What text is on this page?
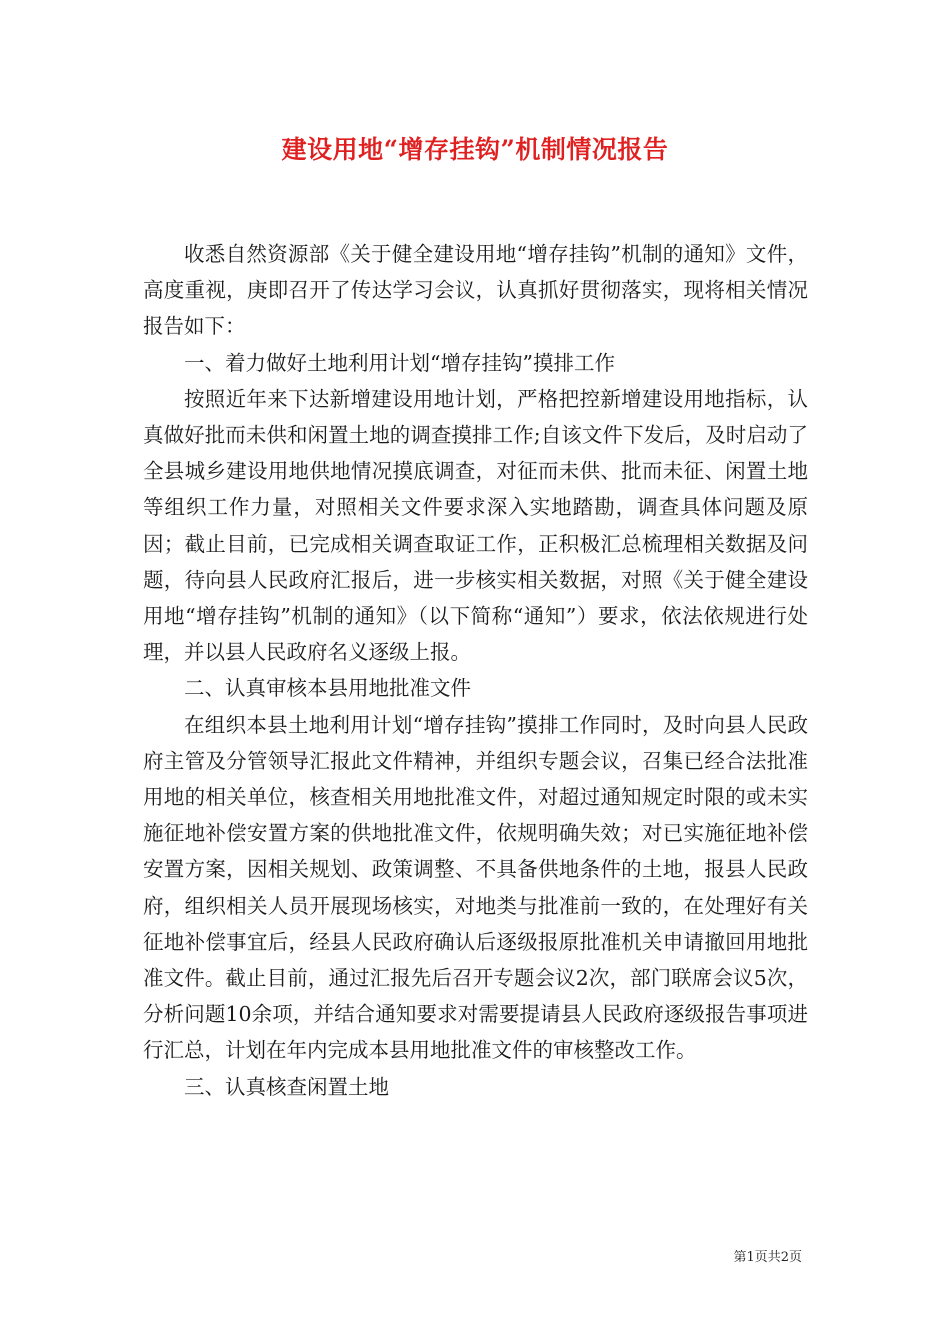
建设用地“增存挂钩”机制情况报告

收悉自然资源部《关于健全建设用地“增存挂钩”机制的通知》文件，高度重视，庚即召开了传达学习会议，认真抓好贯彻落实，现将相关情况报告如下：

一、着力做好土地利用计划“增存挂钩”摸排工作

按照近年来下达新增建设用地计划，严格把控新增建设用地指标，认真做好批而未供和闲置土地的调查摸排工作;自该文件下发后，及时启动了全县城乡建设用地供地情况摸底调查，对征而未供、批而未征、闲置土地等组织工作力量，对照相关文件要求深入实地踏勘，调查具体问题及原因；截止目前，已完成相关调查取证工作，正积极汇总梳理相关数据及问题，待向县人民政府汇报后，进一步核实相关数据，对照《关于健全建设用地“增存挂钩”机制的通知》（以下简称“通知”）要求，依法依规进行处理，并以县人民政府名义逐级上报。

二、认真审核本县用地批准文件

在组织本县土地利用计划“增存挂钩”摸排工作同时，及时向县人民政府主管及分管领导汇报此文件精神，并组织专题会议，召集已经合法批准用地的相关单位，核查相关用地批准文件，对超过通知规定时限的或未实施征地补偿安置方案的供地批准文件，依规明确失效；对已实施征地补偿安置方案，因相关规划、政策调整、不具备供地条件的土地，报县人民政府，组织相关人员开展现场核实，对地类与批准前一致的，在处理好有关征地补偿事宜后，经县人民政府确认后逐级报原批准机关申请撤回用地批准文件。截止目前，通过汇报先后召开专题会议2次，部门联席会议5次，分析问题10余项，并结合通知要求对需要提请县人民政府逐级报告事项进行汇总，计划在年内完成本县用地批准文件的审核整改工作。

三、认真核查闲置土地

第1页共2页
